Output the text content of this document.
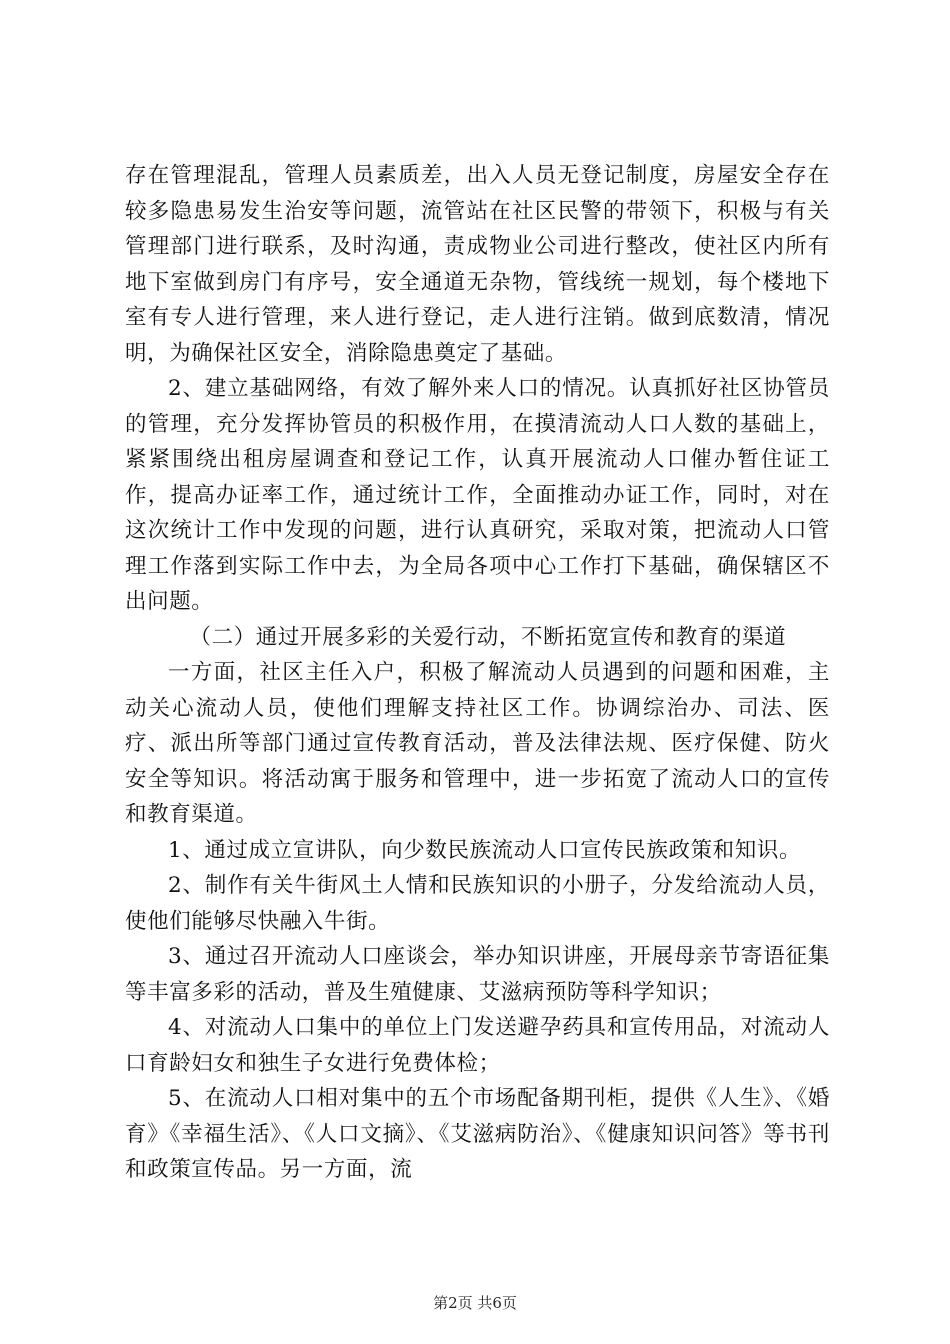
存在管理混乱，管理人员素质差，出入人员无登记制度，房屋安全存在较多隐患易发生治安等问题，流管站在社区民警的带领下，积极与有关管理部门进行联系，及时沟通，责成物业公司进行整改，使社区内所有地下室做到房门有序号，安全通道无杂物，管线统一规划，每个楼地下室有专人进行管理，来人进行登记，走人进行注销。做到底数清，情况明，为确保社区安全，消除隐患奠定了基础。

2、建立基础网络，有效了解外来人口的情况。认真抓好社区协管员的管理，充分发挥协管员的积极作用，在摸清流动人口人数的基础上，紧紧围绕出租房屋调查和登记工作，认真开展流动人口催办暂住证工作，提高办证率工作，通过统计工作，全面推动办证工作，同时，对在这次统计工作中发现的问题，进行认真研究，采取对策，把流动人口管理工作落到实际工作中去，为全局各项中心工作打下基础，确保辖区不出问题。

（二）通过开展多彩的关爱行动，不断拓宽宣传和教育的渠道

一方面，社区主任入户，积极了解流动人员遇到的问题和困难，主动关心流动人员，使他们理解支持社区工作。协调综治办、司法、医疗、派出所等部门通过宣传教育活动，普及法律法规、医疗保健、防火安全等知识。将活动寓于服务和管理中，进一步拓宽了流动人口的宣传和教育渠道。

1、通过成立宣讲队，向少数民族流动人口宣传民族政策和知识。

2、制作有关牛街风土人情和民族知识的小册子，分发给流动人员，使他们能够尽快融入牛街。

3、通过召开流动人口座谈会，举办知识讲座，开展母亲节寄语征集等丰富多彩的活动，普及生殖健康、艾滋病预防等科学知识；

4、对流动人口集中的单位上门发送避孕药具和宣传用品，对流动人口育龄妇女和独生子女进行免费体检；

5、在流动人口相对集中的五个市场配备期刊柜，提供《人生》、《婚育》《幸福生活》、《人口文摘》、《艾滋病防治》、《健康知识问答》等书刊和政策宣传品。另一方面，流

第2页 共6页
